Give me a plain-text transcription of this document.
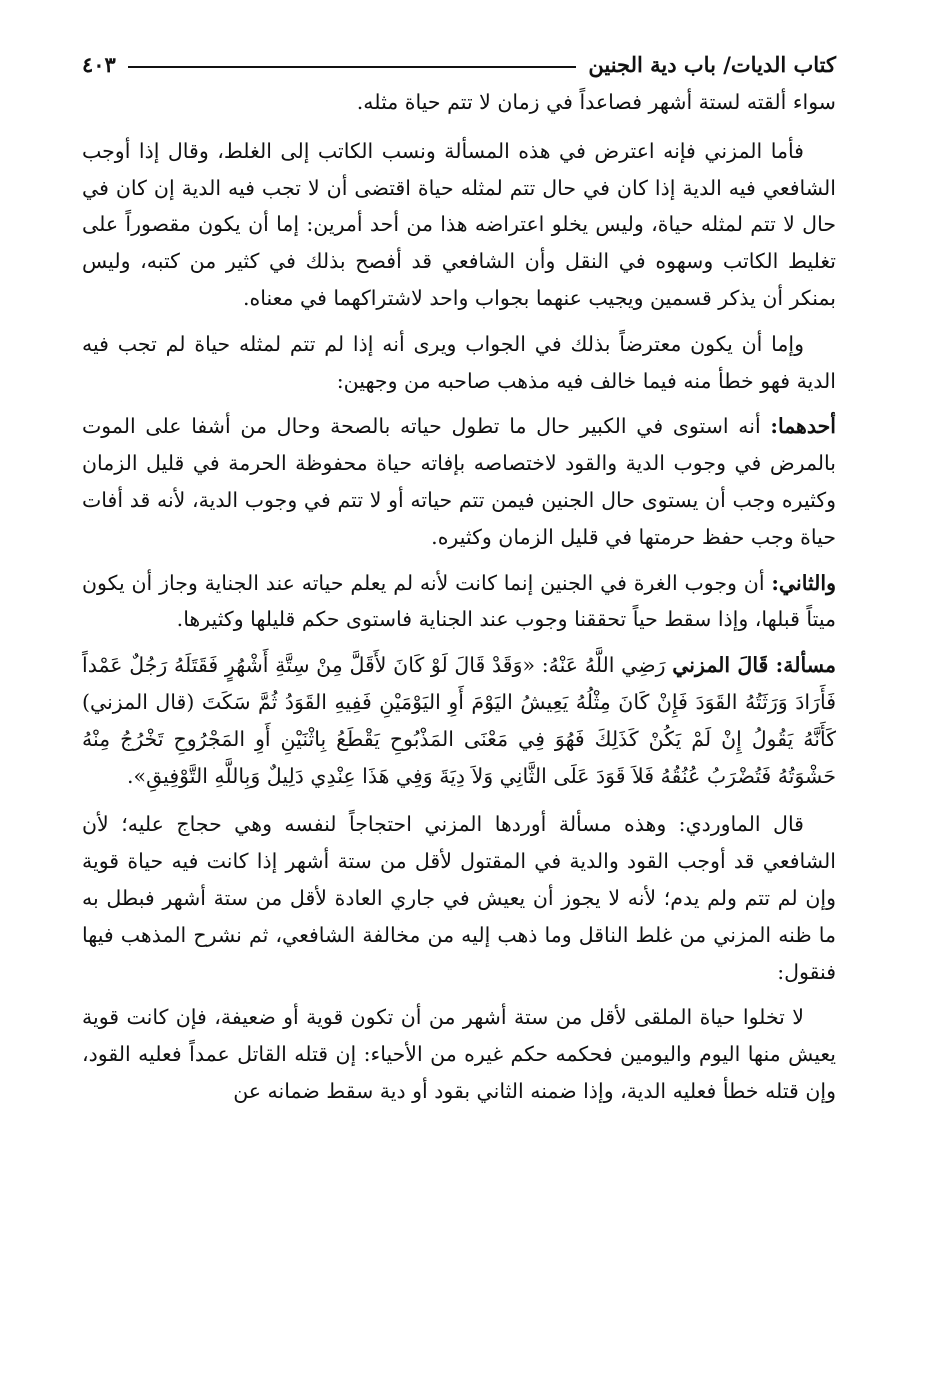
كتاب الديات/ باب دية الجنين
٤٠٣

سواء ألقته لستة أشهر فصاعداً في زمان لا تتم حياة مثله.

فأما المزني فإنه اعترض في هذه المسألة ونسب الكاتب إلى الغلط، وقال إذا أوجب الشافعي فيه الدية إذا كان في حال تتم لمثله حياة اقتضى أن لا تجب فيه الدية إن كان في حال لا تتم لمثله حياة، وليس يخلو اعتراضه هذا من أحد أمرين: إما أن يكون مقصوراً على تغليط الكاتب وسهوه في النقل وأن الشافعي قد أفصح بذلك في كثير من كتبه، وليس بمنكر أن يذكر قسمين ويجيب عنهما بجواب واحد لاشتراكهما في معناه.

وإما أن يكون معترضاً بذلك في الجواب ويرى أنه إذا لم تتم لمثله حياة لم تجب فيه الدية فهو خطأ منه فيما خالف فيه مذهب صاحبه من وجهين:

أحدهما: أنه استوى في الكبير حال ما تطول حياته بالصحة وحال من أشفا على الموت بالمرض في وجوب الدية والقود لاختصاصه بإفاته حياة محفوظة الحرمة في قليل الزمان وكثيره وجب أن يستوى حال الجنين فيمن تتم حياته أو لا تتم في وجوب الدية، لأنه قد أفات حياة وجب حفظ حرمتها في قليل الزمان وكثيره.

والثاني: أن وجوب الغرة في الجنين إنما كانت لأنه لم يعلم حياته عند الجناية وجاز أن يكون ميتاً قبلها، وإذا سقط حياً تحققنا وجوب عند الجناية فاستوى حكم قليلها وكثيرها.

مسألة: قَالَ المزني رَضِي اللَّهُ عَنْهُ: «وَقَدْ قَالَ لَوْ كَانَ لأَقَلَّ مِنْ سِتَّةِ أَشْهُرٍ فَقَتَلَهُ رَجُلٌ عَمْداً فَأَرَادَ وَرَثَتُهُ القَوَدَ فَإِنْ كَانَ مِثْلُهُ يَعِيشُ اليَوْمَ أَوِ اليَوْمَيْنِ فَفِيهِ القَوَدُ ثُمَّ سَكَتَ (قال المزني) كَأَنَّهُ يَقُولُ إِنْ لَمْ يَكُنْ كَذَلِكَ فَهُوَ فِي مَعْنَى المَذْبُوحِ يَقْطَعُ بِاثْنَيْنِ أَوِ المَجْرُوحِ تَخْرُجُ مِنْهُ حَشْوَتُهُ فَتُضْرَبُ عُنُقُهُ فَلاَ قَوَدَ عَلَى الثَّانِي وَلاَ دِيَةَ وَفِي هَذَا عِنْدِي دَلِيلٌ وَبِاللَّهِ التَّوْفِيقِ».

قال الماوردي: وهذه مسألة أوردها المزني احتجاجاً لنفسه وهي حجاج عليه؛ لأن الشافعي قد أوجب القود والدية في المقتول لأقل من ستة أشهر إذا كانت فيه حياة قوية وإن لم تتم ولم يدم؛ لأنه لا يجوز أن يعيش في جاري العادة لأقل من ستة أشهر فبطل به ما ظنه المزني من غلط الناقل وما ذهب إليه من مخالفة الشافعي، ثم نشرح المذهب فيها فنقول:

لا تخلوا حياة الملقى لأقل من ستة أشهر من أن تكون قوية أو ضعيفة، فإن كانت قوية يعيش منها اليوم واليومين فحكمه حكم غيره من الأحياء: إن قتله القاتل عمداً فعليه القود، وإن قتله خطأ فعليه الدية، وإذا ضمنه الثاني بقود أو دية سقط ضمانه عن
